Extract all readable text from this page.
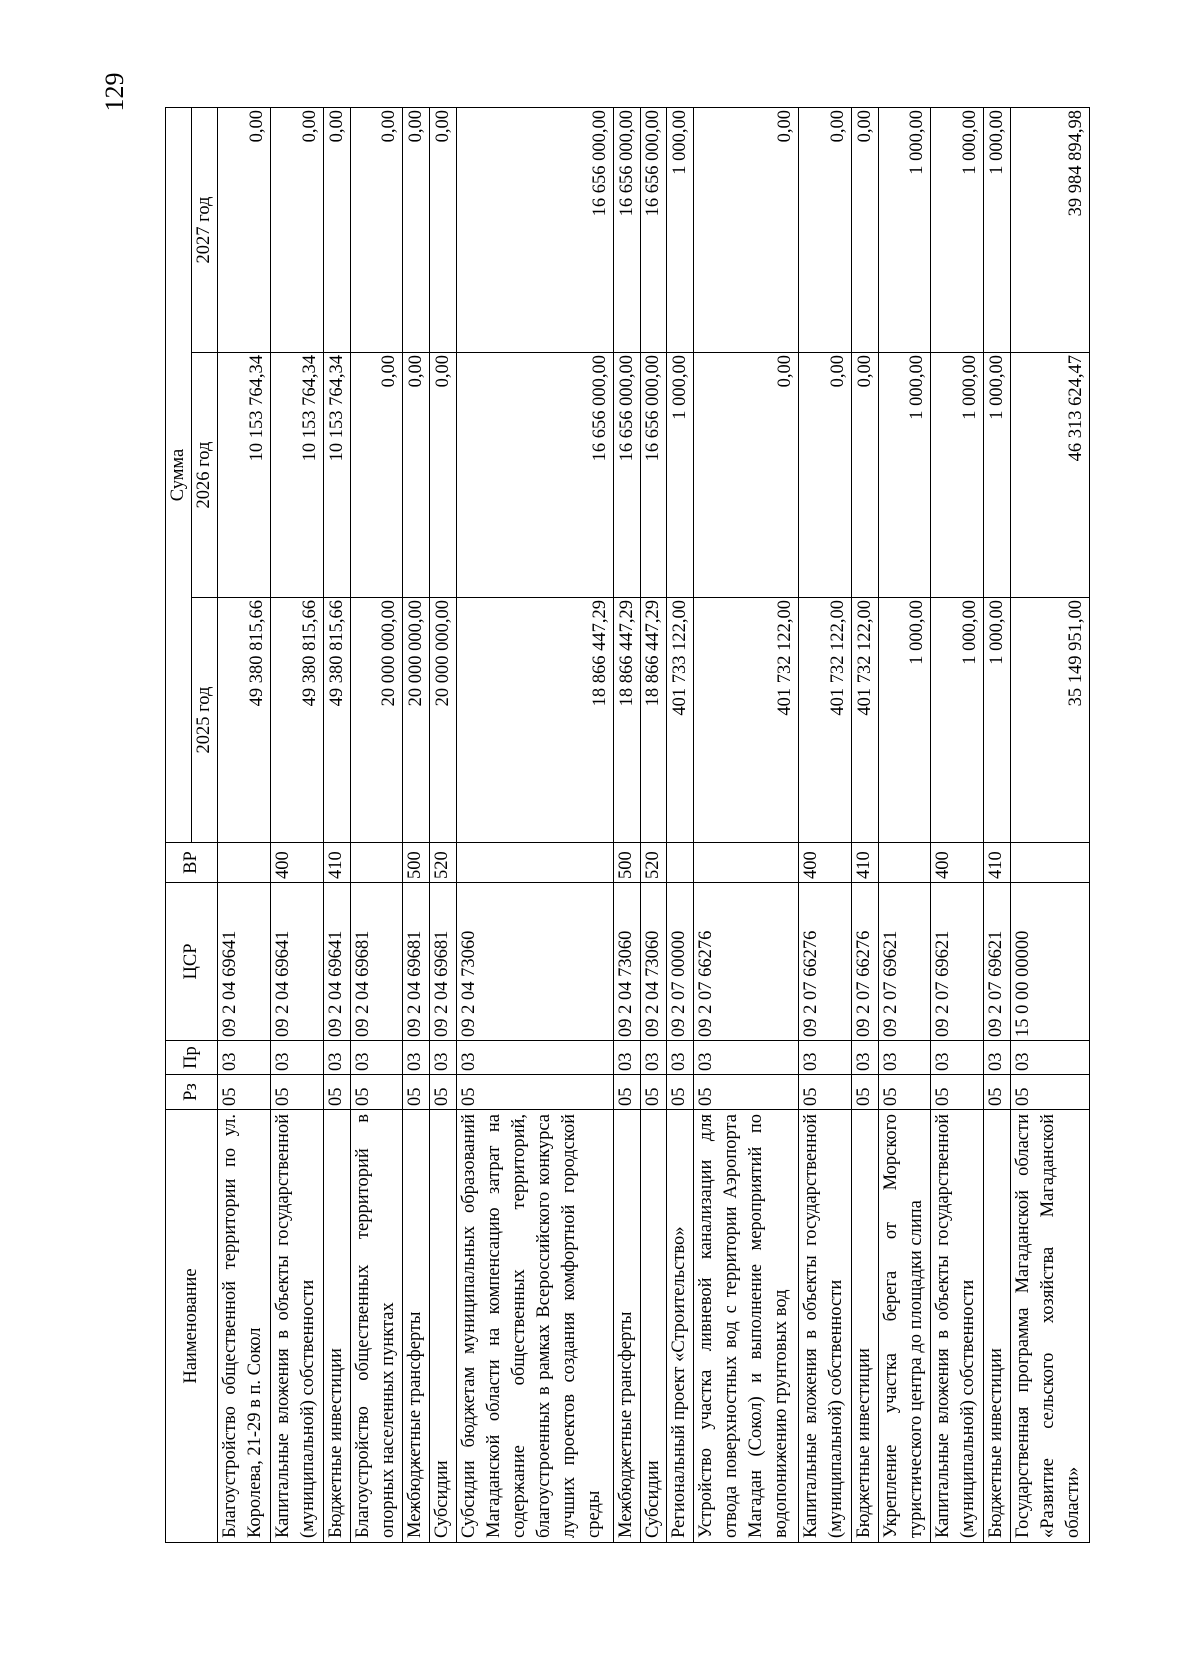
129
Наименование	Рз	Пр	ЦСР	ВР	Сумма		
					2025 год	2026 год	2027 год
Благоустройство общественной территории по ул. Королева, 21-29 в п. Сокол	05	03	09 2 04 69641		49 380 815,66	10 153 764,34	0,00
Капитальные вложения в объекты государственной (муниципальной) собственности	05	03	09 2 04 69641	400	49 380 815,66	10 153 764,34	0,00
Бюджетные инвестиции	05	03	09 2 04 69641	410	49 380 815,66	10 153 764,34	0,00
Благоустройство общественных территорий в опорных населенных пунктах	05	03	09 2 04 69681		20 000 000,00	0,00	0,00
Межбюджетные трансферты	05	03	09 2 04 69681	500	20 000 000,00	0,00	0,00
Субсидии	05	03	09 2 04 69681	520	20 000 000,00	0,00	0,00
Субсидии бюджетам муниципальных образований Магаданской области на компенсацию затрат на содержание общественных территорий, благоустроенных в рамках Всероссийского конкурса лучших проектов создания комфортной городской среды	05	03	09 2 04 73060		18 866 447,29	16 656 000,00	16 656 000,00
Межбюджетные трансферты	05	03	09 2 04 73060	500	18 866 447,29	16 656 000,00	16 656 000,00
Субсидии	05	03	09 2 04 73060	520	18 866 447,29	16 656 000,00	16 656 000,00
Региональный проект «Строительство»	05	03	09 2 07 00000		401 733 122,00	1 000,00	1 000,00
Устройство участка ливневой канализации для отвода поверхностных вод с территории Аэропорта Магадан (Сокол) и выполнение мероприятий по водопонижению грунтовых вод	05	03	09 2 07 66276		401 732 122,00	0,00	0,00
Капитальные вложения в объекты государственной (муниципальной) собственности	05	03	09 2 07 66276	400	401 732 122,00	0,00	0,00
Бюджетные инвестиции	05	03	09 2 07 66276	410	401 732 122,00	0,00	0,00
Укрепление участка берега от Морского туристического центра до площадки слипа	05	03	09 2 07 69621		1 000,00	1 000,00	1 000,00
Капитальные вложения в объекты государственной (муниципальной) собственности	05	03	09 2 07 69621	400	1 000,00	1 000,00	1 000,00
Бюджетные инвестиции	05	03	09 2 07 69621	410	1 000,00	1 000,00	1 000,00
Государственная программа Магаданской области «Развитие сельского хозяйства Магаданской области»	05	03	15 0 00 00000		35 149 951,00	46 313 624,47	39 984 894,98
